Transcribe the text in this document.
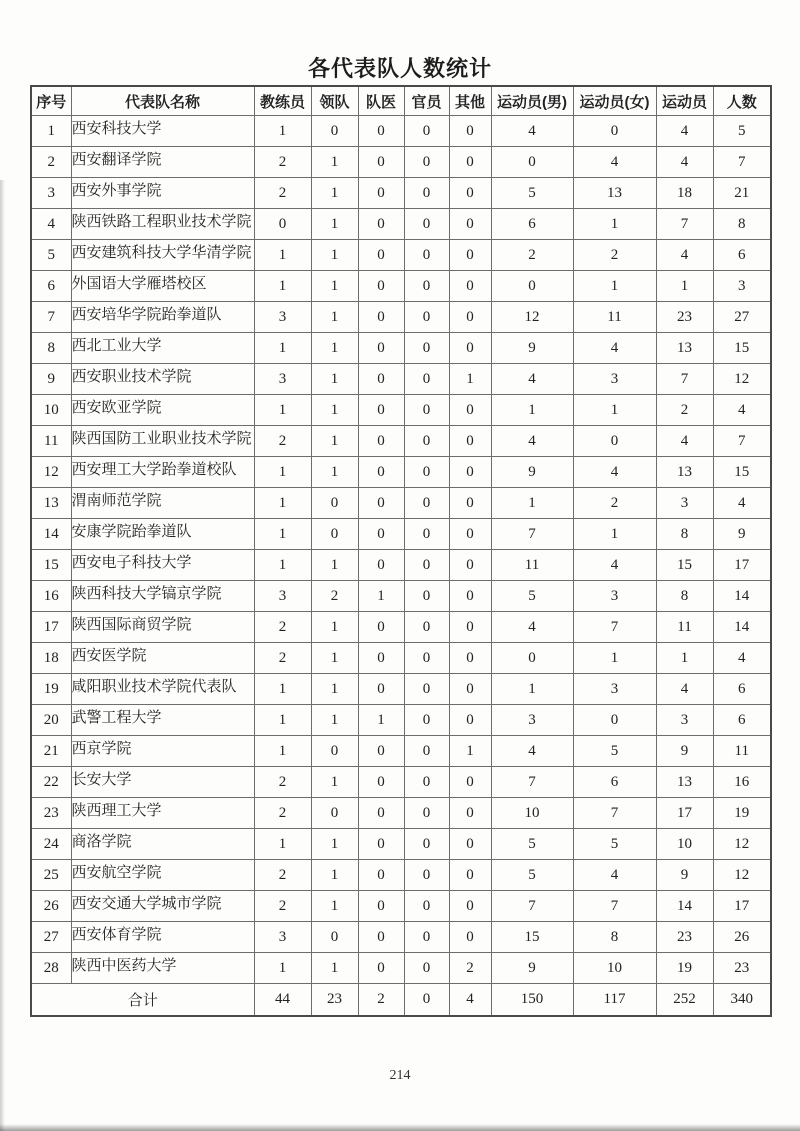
各代表队人数统计
序号	代表队名称	教练员	领队	队医	官员	其他	运动员(男)	运动员(女)	运动员	人数
1	西安科技大学	1	0	0	0	0	4	0	4	5
2	西安翻译学院	2	1	0	0	0	0	4	4	7
3	西安外事学院	2	1	0	0	0	5	13	18	21
4	陕西铁路工程职业技术学院	0	1	0	0	0	6	1	7	8
5	西安建筑科技大学华清学院	1	1	0	0	0	2	2	4	6
6	外国语大学雁塔校区	1	1	0	0	0	0	1	1	3
7	西安培华学院跆拳道队	3	1	0	0	0	12	11	23	27
8	西北工业大学	1	1	0	0	0	9	4	13	15
9	西安职业技术学院	3	1	0	0	1	4	3	7	12
10	西安欧亚学院	1	1	0	0	0	1	1	2	4
11	陕西国防工业职业技术学院	2	1	0	0	0	4	0	4	7
12	西安理工大学跆拳道校队	1	1	0	0	0	9	4	13	15
13	渭南师范学院	1	0	0	0	0	1	2	3	4
14	安康学院跆拳道队	1	0	0	0	0	7	1	8	9
15	西安电子科技大学	1	1	0	0	0	11	4	15	17
16	陕西科技大学镐京学院	3	2	1	0	0	5	3	8	14
17	陕西国际商贸学院	2	1	0	0	0	4	7	11	14
18	西安医学院	2	1	0	0	0	0	1	1	4
19	咸阳职业技术学院代表队	1	1	0	0	0	1	3	4	6
20	武警工程大学	1	1	1	0	0	3	0	3	6
21	西京学院	1	0	0	0	1	4	5	9	11
22	长安大学	2	1	0	0	0	7	6	13	16
23	陕西理工大学	2	0	0	0	0	10	7	17	19
24	商洛学院	1	1	0	0	0	5	5	10	12
25	西安航空学院	2	1	0	0	0	5	4	9	12
26	西安交通大学城市学院	2	1	0	0	0	7	7	14	17
27	西安体育学院	3	0	0	0	0	15	8	23	26
28	陕西中医药大学	1	1	0	0	2	9	10	19	23
合计		44	23	2	0	4	150	117	252	340
214
